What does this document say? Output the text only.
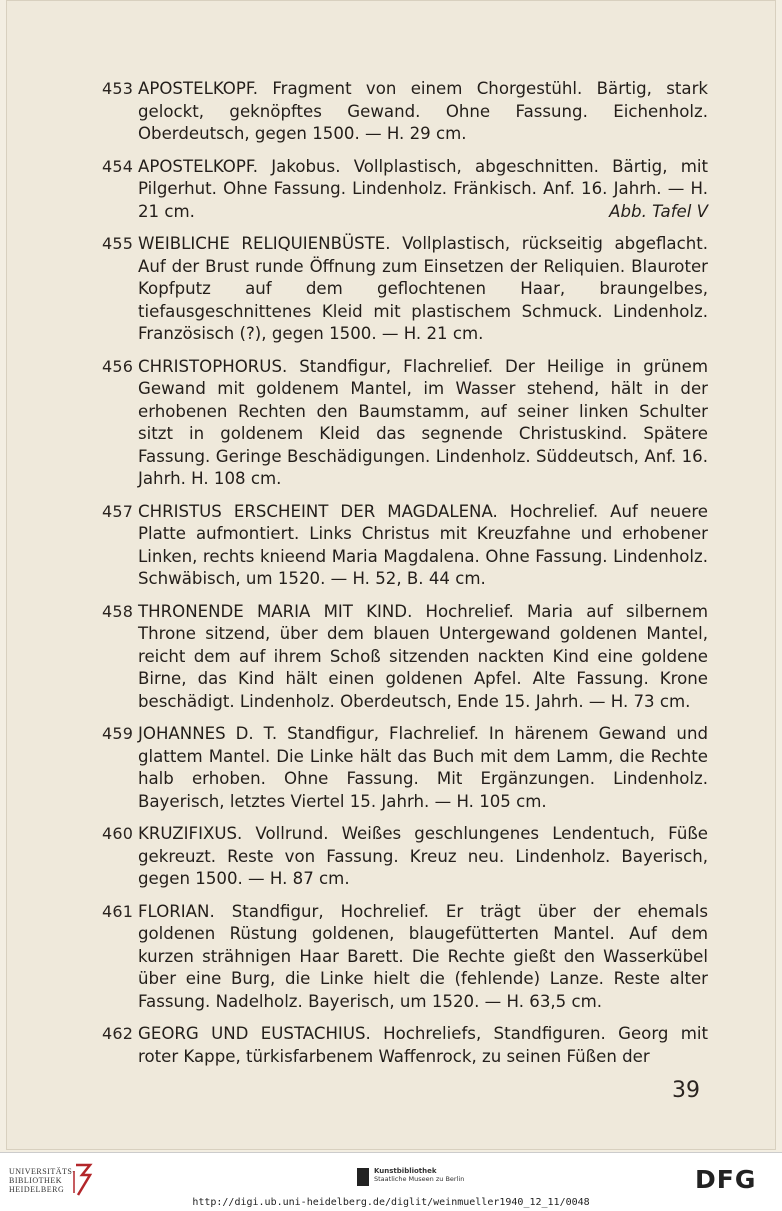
453 APOSTELKOPF. Fragment von einem Chorgestühl. Bärtig, stark gelockt, geknöpftes Gewand. Ohne Fassung. Eichenholz. Oberdeutsch, gegen 1500. — H. 29 cm.
454 APOSTELKOPF. Jakobus. Vollplastisch, abgeschnitten. Bärtig, mit Pilgerhut. Ohne Fassung. Lindenholz. Fränkisch. Anf. 16. Jahrh. — H. 21 cm.	Abb. Tafel V
455 WEIBLICHE RELIQUIENBÜSTE. Vollplastisch, rückseitig abgeflacht. Auf der Brust runde Öffnung zum Einsetzen der Reliquien. Blauroter Kopfputz auf dem geflochtenen Haar, braungelbes, tiefausgeschnittenes Kleid mit plastischem Schmuck. Lindenholz. Französisch (?), gegen 1500. — H. 21 cm.
456 CHRISTOPHORUS. Standfigur, Flachrelief. Der Heilige in grünem Gewand mit goldenem Mantel, im Wasser stehend, hält in der erhobenen Rechten den Baumstamm, auf seiner linken Schulter sitzt in goldenem Kleid das segnende Christuskind. Spätere Fassung. Geringe Beschädigungen. Lindenholz. Süddeutsch, Anf. 16. Jahrh. H. 108 cm.
457 CHRISTUS ERSCHEINT DER MAGDALENA. Hochrelief. Auf neuere Platte aufmontiert. Links Christus mit Kreuzfahne und erhobener Linken, rechts knieend Maria Magdalena. Ohne Fassung. Lindenholz. Schwäbisch, um 1520. — H. 52, B. 44 cm.
458 THRONENDE MARIA MIT KIND. Hochrelief. Maria auf silbernem Throne sitzend, über dem blauen Untergewand goldenen Mantel, reicht dem auf ihrem Schoß sitzenden nackten Kind eine goldene Birne, das Kind hält einen goldenen Apfel. Alte Fassung. Krone beschädigt. Lindenholz. Oberdeutsch, Ende 15. Jahrh. — H. 73 cm.
459 JOHANNES D. T. Standfigur, Flachrelief. In härenem Gewand und glattem Mantel. Die Linke hält das Buch mit dem Lamm, die Rechte halb erhoben. Ohne Fassung. Mit Ergänzungen. Lindenholz. Bayerisch, letztes Viertel 15. Jahrh. — H. 105 cm.
460 KRUZIFIXUS. Vollrund. Weißes geschlungenes Lendentuch, Füße gekreuzt. Reste von Fassung. Kreuz neu. Lindenholz. Bayerisch, gegen 1500. — H. 87 cm.
461 FLORIAN. Standfigur, Hochrelief. Er trägt über der ehemals goldenen Rüstung goldenen, blaugefütterten Mantel. Auf dem kurzen strähnigen Haar Barett. Die Rechte gießt den Wasserkübel über eine Burg, die Linke hielt die (fehlende) Lanze. Reste alter Fassung. Nadelholz. Bayerisch, um 1520. — H. 63,5 cm.
462 GEORG UND EUSTACHIUS. Hochreliefs, Standfiguren. Georg mit roter Kappe, türkisfarbenem Waffenrock, zu seinen Füßen der
39
UNIVERSITÄTS-
BIBLIOTHEK
HEIDELBERG
Kunstbibliothek
Staatliche Museen zu Berlin	DFG
http://digi.ub.uni-heidelberg.de/diglit/weinmueller1940_12_11/0048
